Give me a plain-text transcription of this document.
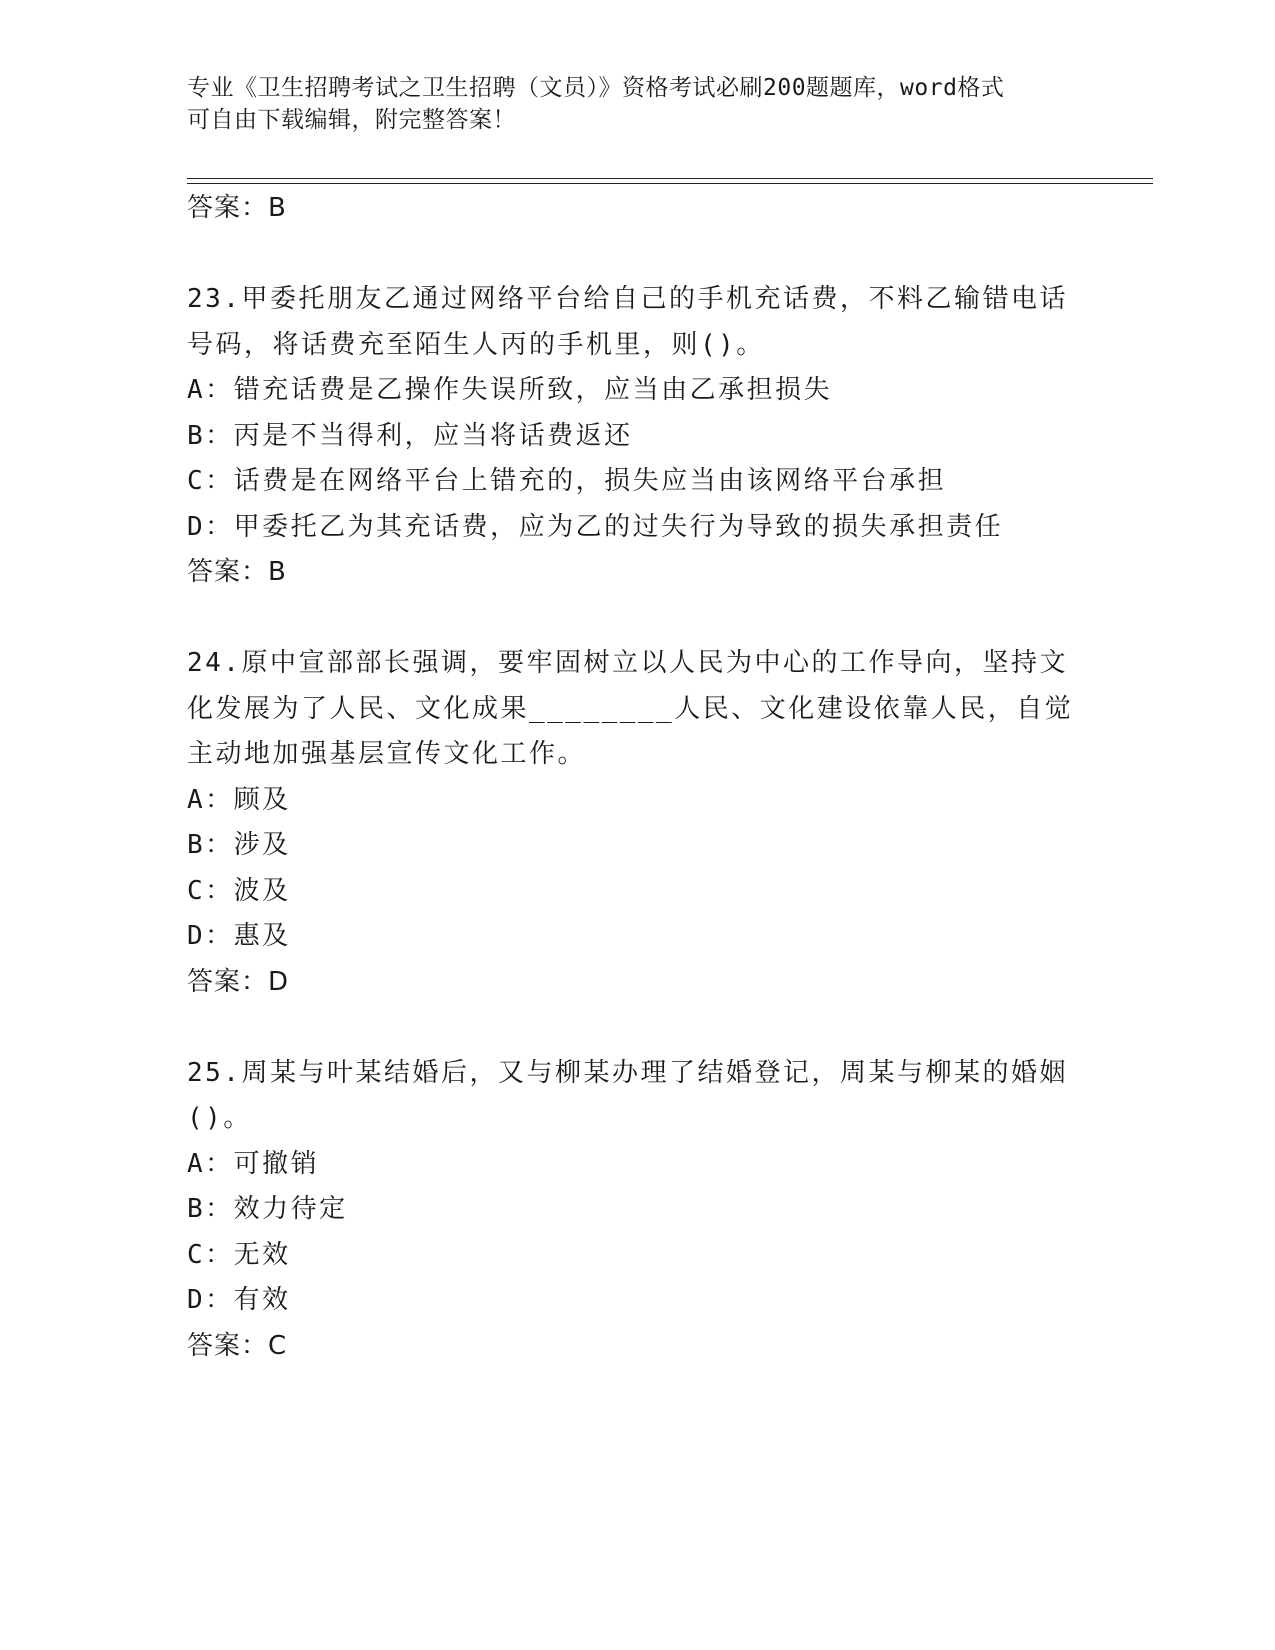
专业《卫生招聘考试之卫生招聘（文员）》资格考试必刷200题题库，word格式
可自由下载编辑，附完整答案！
答案：B
23.甲委托朋友乙通过网络平台给自己的手机充话费，不料乙输错电话
号码，将话费充至陌生人丙的手机里，则()。
A：错充话费是乙操作失误所致，应当由乙承担损失
B：丙是不当得利，应当将话费返还
C：话费是在网络平台上错充的，损失应当由该网络平台承担
D：甲委托乙为其充话费，应为乙的过失行为导致的损失承担责任
答案：B
24.原中宣部部长强调，要牢固树立以人民为中心的工作导向，坚持文
化发展为了人民、文化成果________人民、文化建设依靠人民，自觉
主动地加强基层宣传文化工作。
A：顾及
B：涉及
C：波及
D：惠及
答案：D
25.周某与叶某结婚后，又与柳某办理了结婚登记，周某与柳某的婚姻
()。
A：可撤销
B：效力待定
C：无效
D：有效
答案：C
